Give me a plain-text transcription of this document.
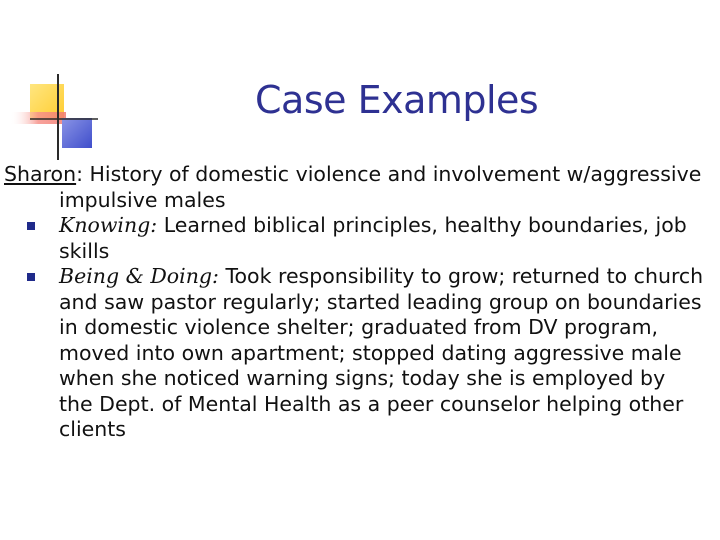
Case Examples

Sharon: History of domestic violence and involvement w/aggressive impulsive males

Knowing: Learned biblical principles, healthy boundaries, job skills

Being & Doing: Took responsibility to grow; returned to church and saw pastor regularly; started leading group on boundaries in domestic violence shelter; graduated from DV program, moved into own apartment; stopped dating aggressive male when she noticed warning signs; today she is employed by the Dept. of Mental Health as a peer counselor helping other clients
